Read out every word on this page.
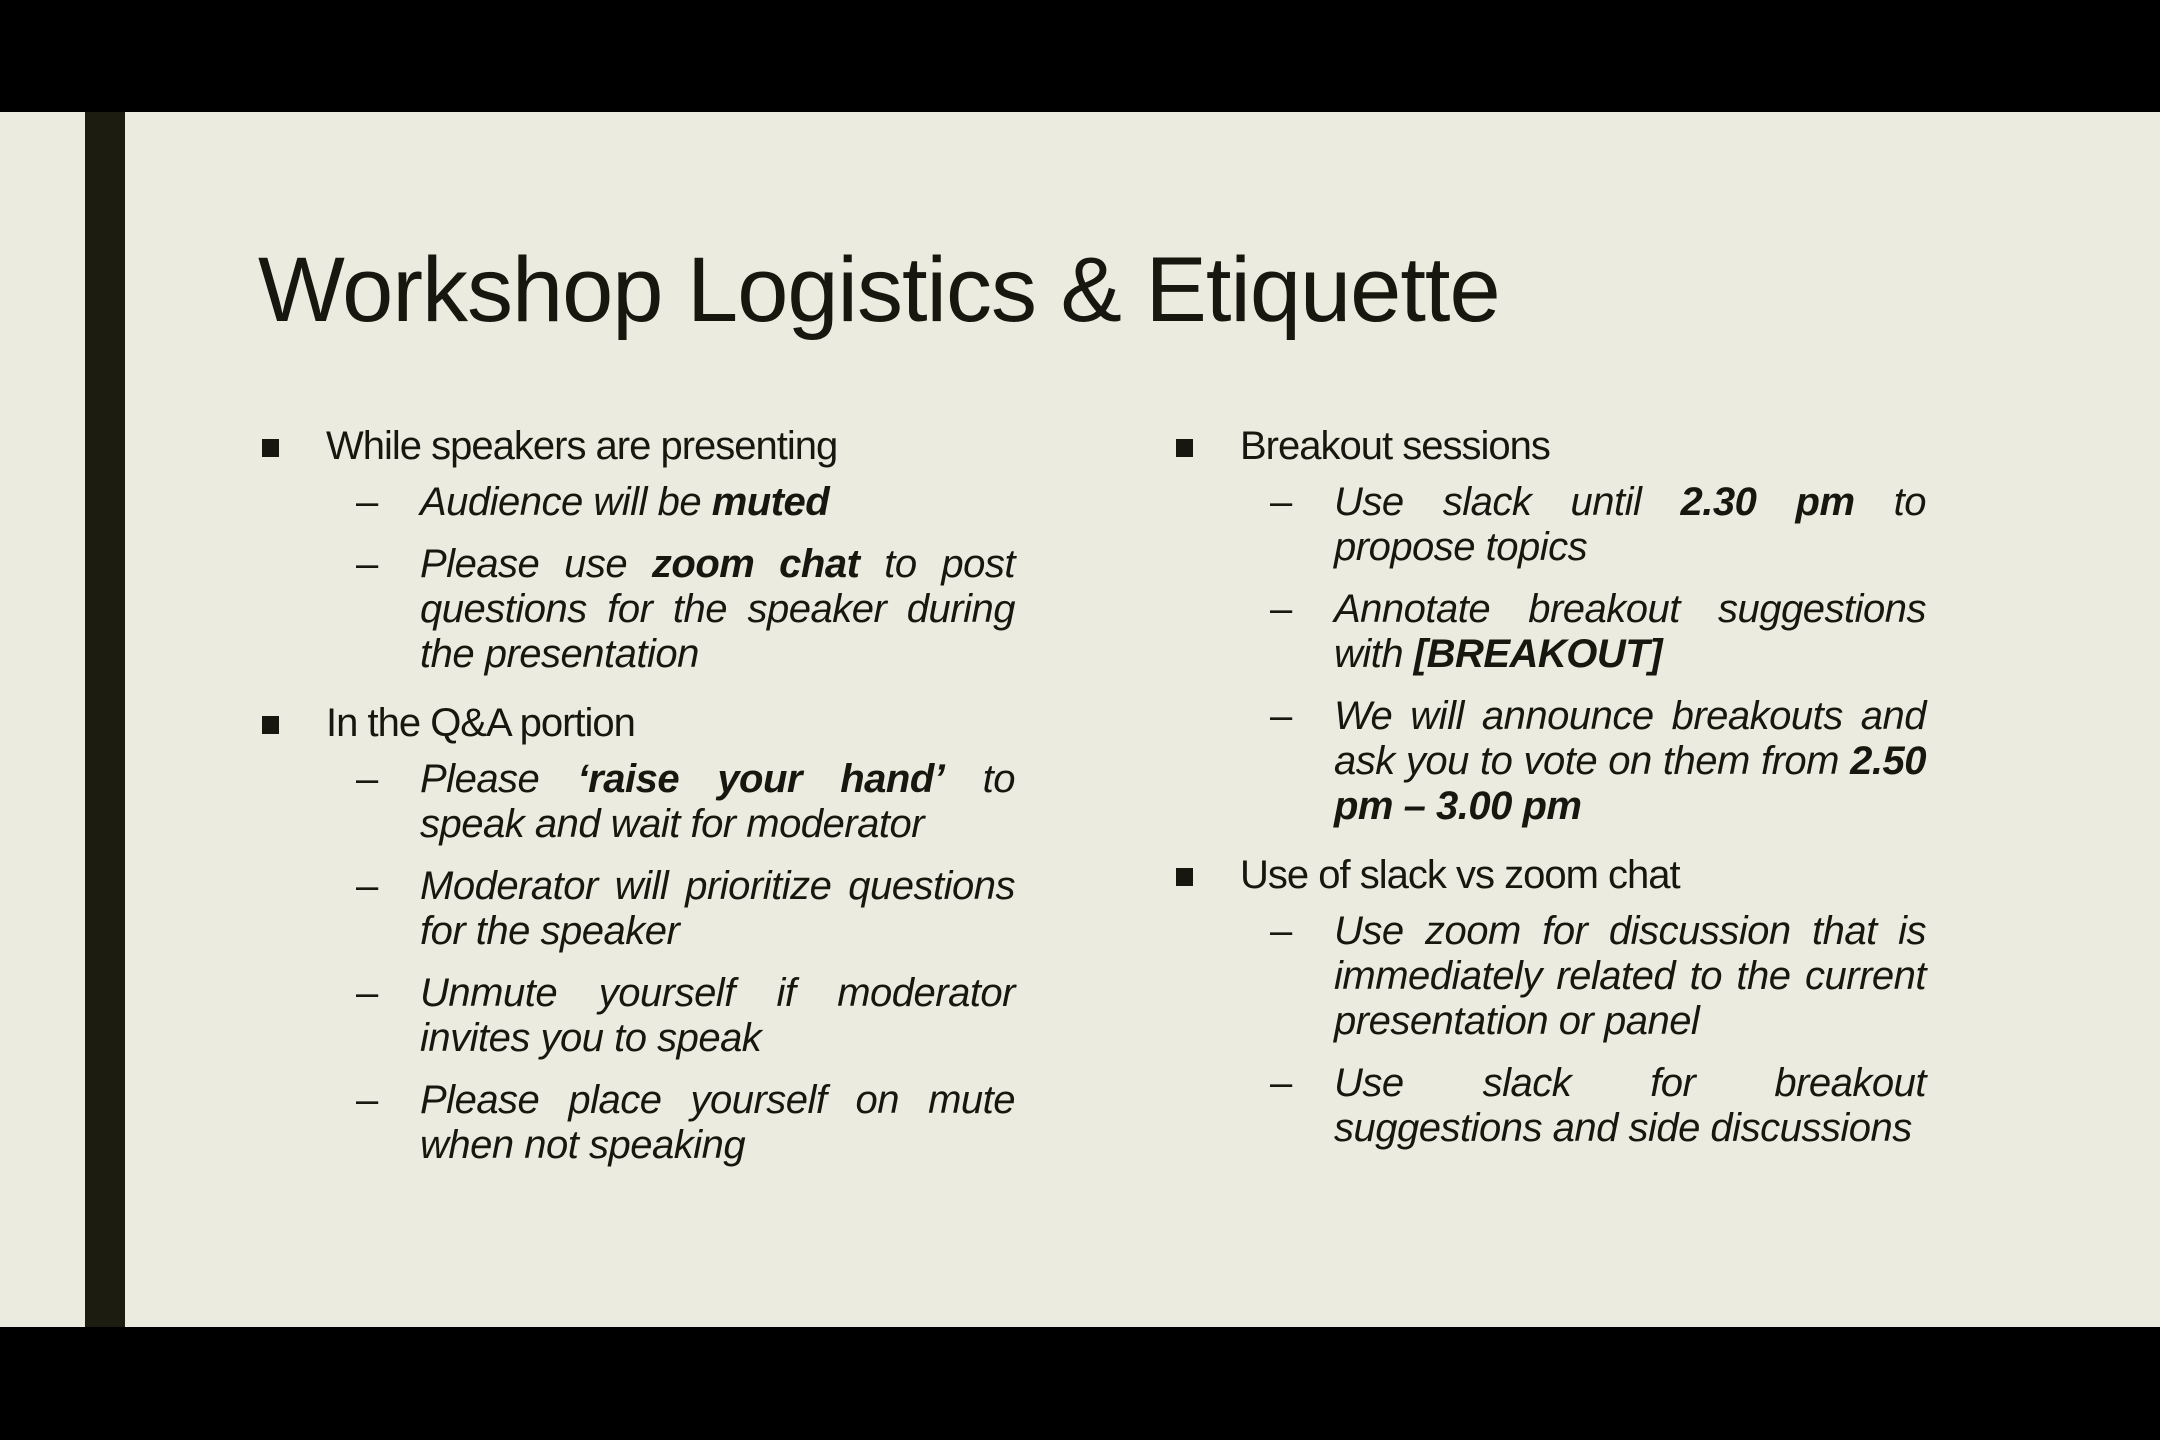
Workshop Logistics & Etiquette
While speakers are presenting
– Audience will be muted
– Please use zoom chat to post questions for the speaker during the presentation
In the Q&A portion
– Please ‘raise your hand’ to speak and wait for moderator
– Moderator will prioritize questions for the speaker
– Unmute yourself if moderator invites you to speak
– Please place yourself on mute when not speaking
Breakout sessions
– Use slack until 2.30 pm to propose topics
– Annotate breakout suggestions with [BREAKOUT]
– We will announce breakouts and ask you to vote on them from 2.50 pm – 3.00 pm
Use of slack vs zoom chat
– Use zoom for discussion that is immediately related to the current presentation or panel
– Use slack for breakout suggestions and side discussions
